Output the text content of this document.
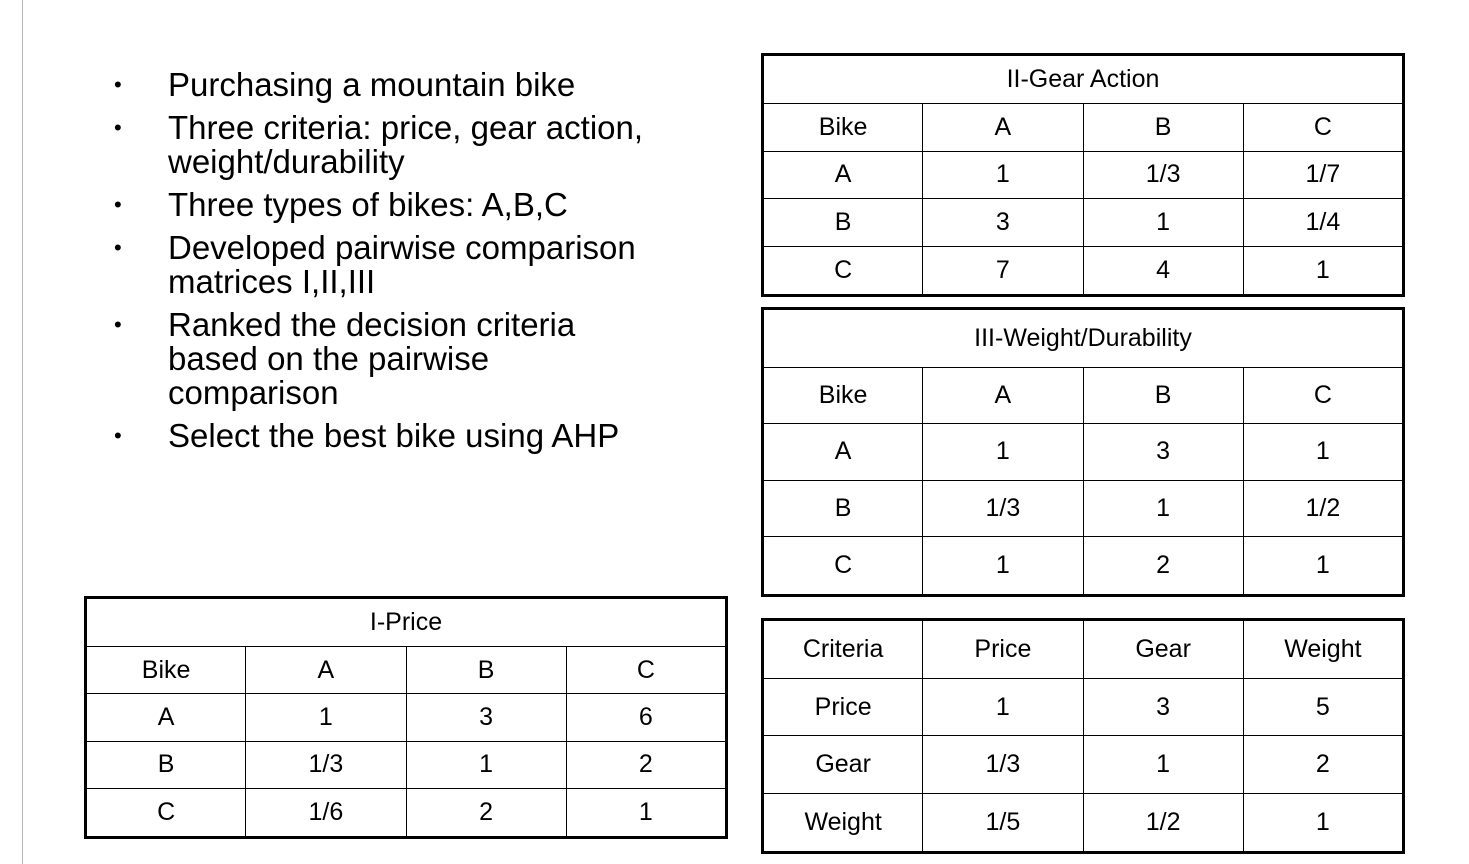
• Purchasing a mountain bike
• Three criteria: price, gear action, weight/durability
• Three types of bikes: A,B,C
• Developed pairwise comparison matrices I,II,III
• Ranked the decision criteria based on the pairwise comparison
• Select the best bike using AHP
I-Price			
Bike	A	B	C
A	1	3	6
B	1/3	1	2
C	1/6	2	1
II-Gear Action			
Bike	A	B	C
A	1	1/3	1/7
B	3	1	1/4
C	7	4	1
III-Weight/Durability			
Bike	A	B	C
A	1	3	1
B	1/3	1	1/2
C	1	2	1
Criteria	Price	Gear	Weight
Price	1	3	5
Gear	1/3	1	2
Weight	1/5	1/2	1
